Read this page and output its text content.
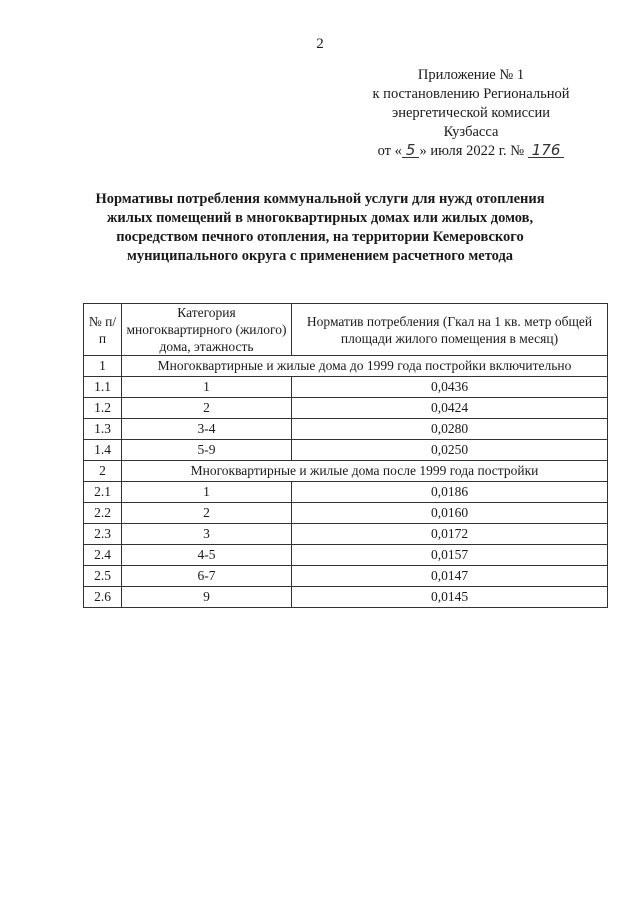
2
Приложение № 1
к постановлению Региональной
энергетической комиссии
Кузбасса
от « 5 » июля 2022 г. № 176
Нормативы потребления коммунальной услуги для нужд отопления
жилых помещений в многоквартирных домах или жилых домов,
посредством печного отопления, на территории Кемеровского
муниципального округа с применением расчетного метода
№ п/п	Категория многоквартирного (жилого) дома, этажность	Норматив потребления (Гкал на 1 кв. метр общей площади жилого помещения в месяц)
1	Многоквартирные и жилые дома до 1999 года постройки включительно	
1.1	1	0,0436
1.2	2	0,0424
1.3	3-4	0,0280
1.4	5-9	0,0250
2	Многоквартирные и жилые дома после 1999 года постройки	
2.1	1	0,0186
2.2	2	0,0160
2.3	3	0,0172
2.4	4-5	0,0157
2.5	6-7	0,0147
2.6	9	0,0145
